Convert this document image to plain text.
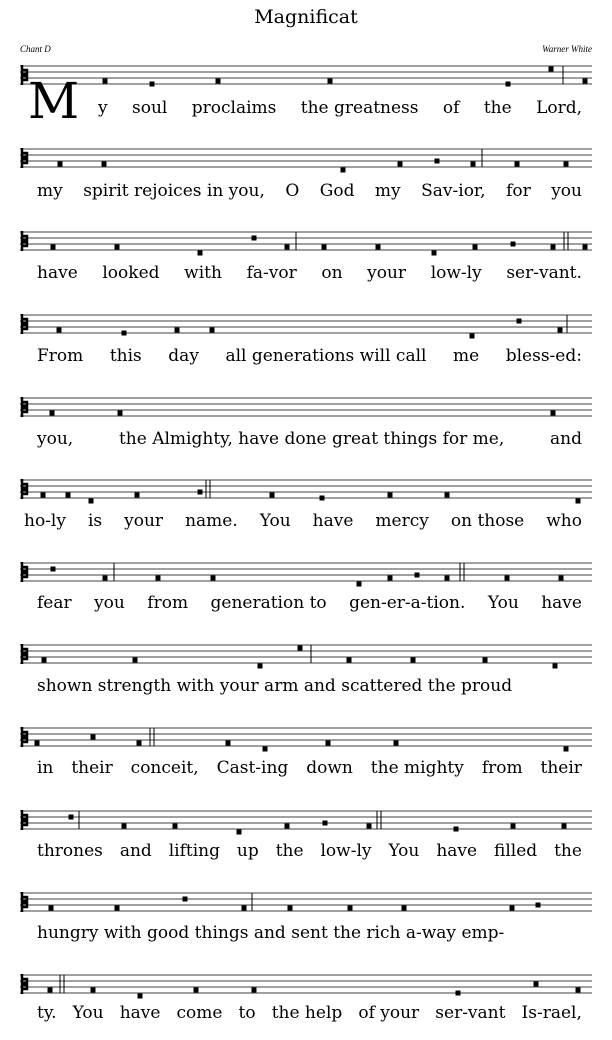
Magnificat
Chant D	Warner White
M y soul proclaims the greatness of the Lord,
my spirit rejoices in you, O God my Sav-ior, for you
have looked with fa-vor on your low-ly ser-vant.
From this day all generations will call me bless-ed:
you,	the Almighty, have done great things for me,	and
ho-ly is your name. You have mercy on those who
fear you from generation to gen-er-a-tion. You have
shown strength with your arm and scattered the proud
in their conceit, Cast-ing down the mighty from their
thrones and lifting up the low-ly You have filled the
hungry with good things and sent the rich a-way emp-
ty. You have come to the help of your ser-vant Is-rael,
